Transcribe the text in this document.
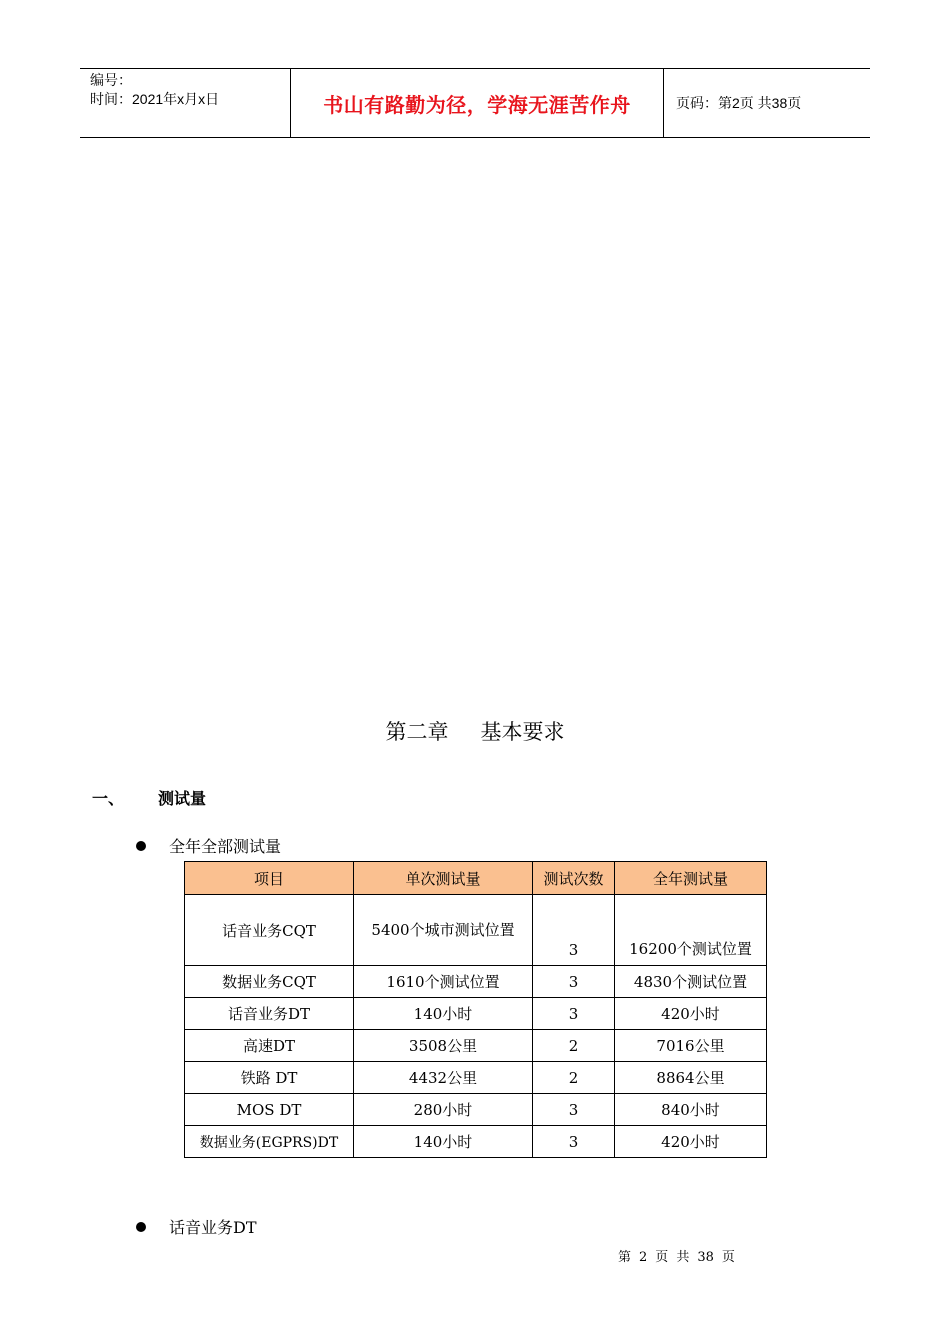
编号：
时间：2021年x月x日	书山有路勤为径，学海无涯苦作舟	页码：第2页 共38页
第二章 基本要求
一、 测试量
全年全部测试量
项目	单次测试量	测试次数	全年测试量
话音业务CQT	5400个城市测试位置	3	16200个测试位置
数据业务CQT	1610个测试位置	3	4830个测试位置
话音业务DT	140小时	3	420小时
高速DT	3508公里	2	7016公里
铁路 DT	4432公里	2	8864公里
MOS DT	280小时	3	840小时
数据业务(EGPRS)DT	140小时	3	420小时
话音业务DT
第 2 页 共 38 页
